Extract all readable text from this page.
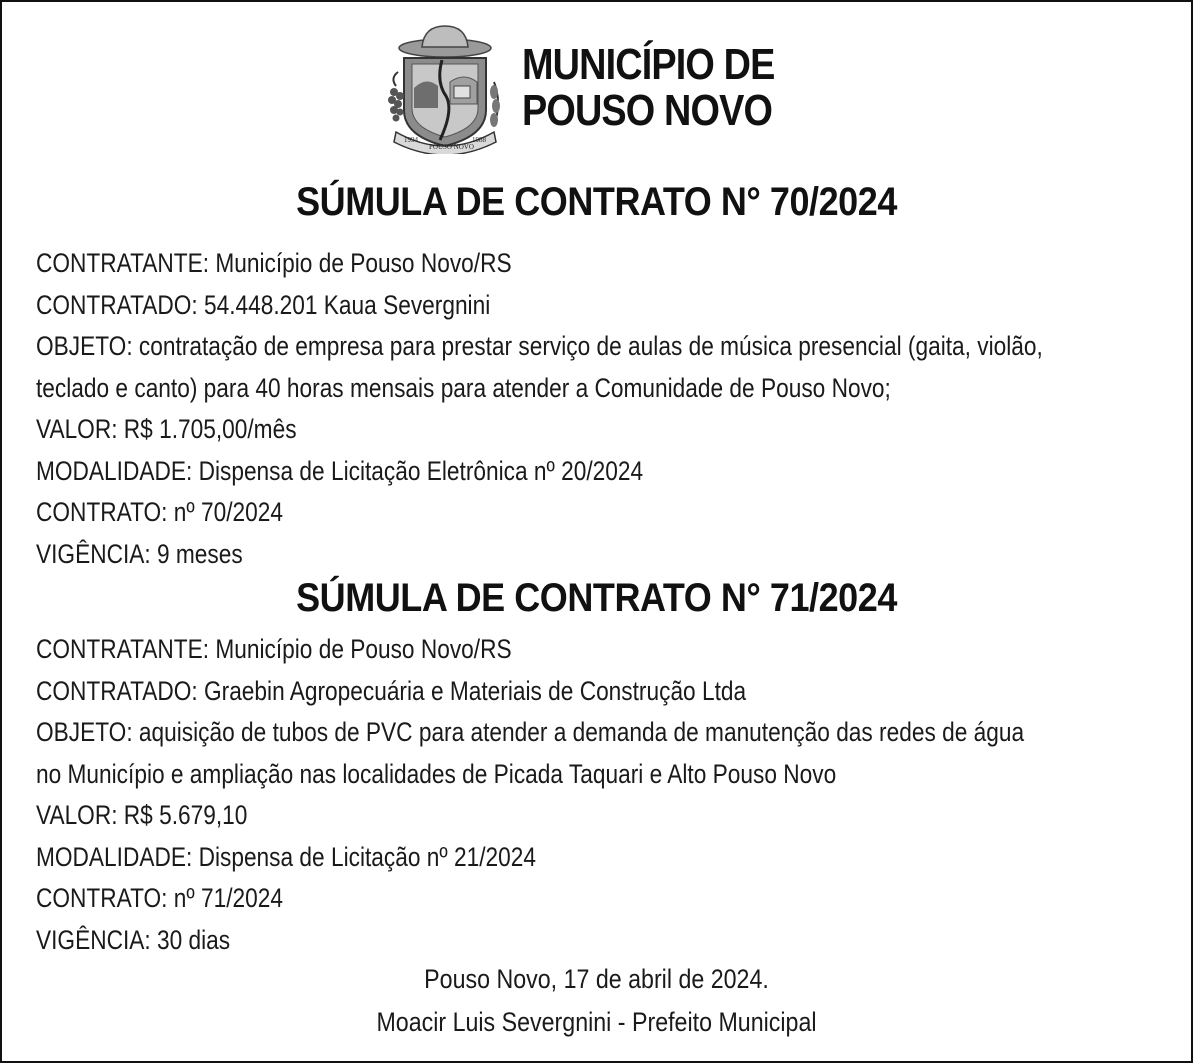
1994
POUSO NOVO
1988
MUNICÍPIO DE
POUSO NOVO
SÚMULA DE CONTRATO N° 70/2024
CONTRATANTE: Município de Pouso Novo/RS
CONTRATADO: 54.448.201 Kaua Severgnini
OBJETO: contratação de empresa para prestar serviço de aulas de música presencial (gaita, violão,
teclado e canto) para 40 horas mensais para atender a Comunidade de Pouso Novo;
VALOR: R$ 1.705,00/mês
MODALIDADE: Dispensa de Licitação Eletrônica nº 20/2024
CONTRATO: nº 70/2024
VIGÊNCIA: 9 meses
SÚMULA DE CONTRATO N° 71/2024
CONTRATANTE: Município de Pouso Novo/RS
CONTRATADO: Graebin Agropecuária e Materiais de Construção Ltda
OBJETO: aquisição de tubos de PVC para atender a demanda de manutenção das redes de água
no Município e ampliação nas localidades de Picada Taquari e Alto Pouso Novo
VALOR: R$ 5.679,10
MODALIDADE: Dispensa de Licitação nº 21/2024
CONTRATO: nº 71/2024
VIGÊNCIA: 30 dias
Pouso Novo, 17 de abril de 2024.
Moacir Luis Severgnini - Prefeito Municipal
